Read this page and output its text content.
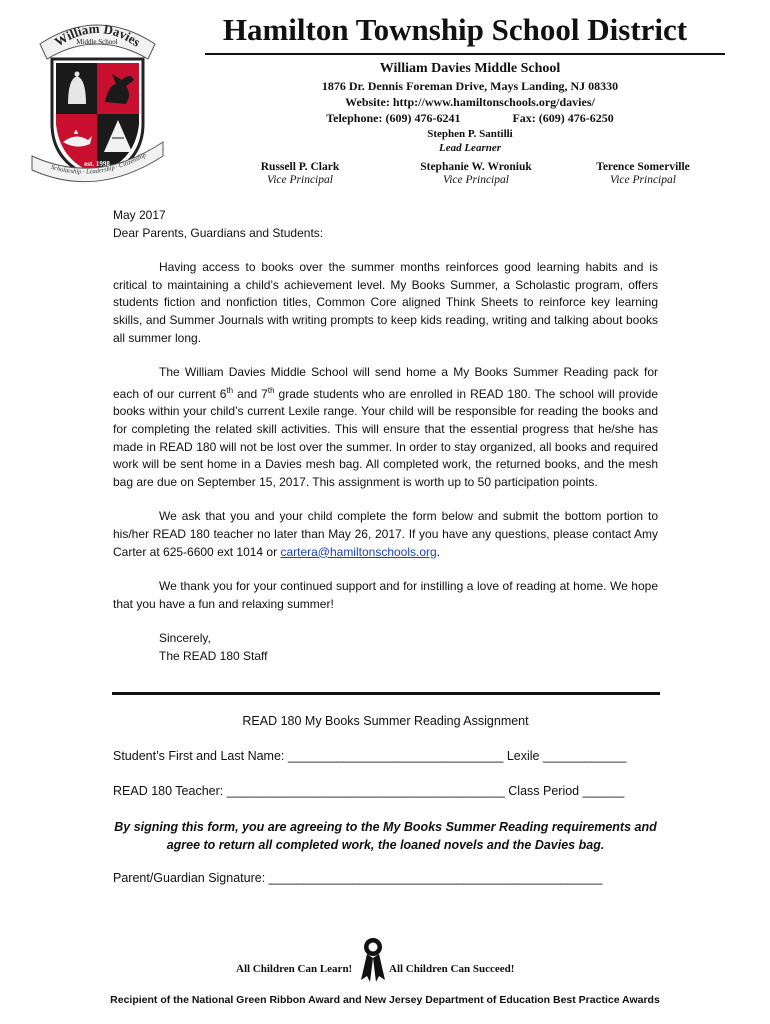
William Davies
Middle School
Scholarship · Leadership · Citizenship
est. 1998
Hamilton Township School District
William Davies Middle School
1876 Dr. Dennis Foreman Drive, Mays Landing, NJ 08330
Website: http://www.hamiltonschools.org/davies/
Telephone: (609) 476-6241	Fax: (609) 476-6250
Stephen P. Santilli
Lead Learner
Russell P. Clark
Vice Principal
Stephanie W. Wroniuk
Vice Principal
Terence Somerville
Vice Principal

May 2017

Dear Parents, Guardians and Students:

Having access to books over the summer months reinforces good learning habits and is critical to maintaining a child’s achievement level. My Books Summer, a Scholastic program, offers students fiction and nonfiction titles, Common Core aligned Think Sheets to reinforce key learning skills, and Summer Journals with writing prompts to keep kids reading, writing and talking about books all summer long.

The William Davies Middle School will send home a My Books Summer Reading pack for each of our current 6th and 7th grade students who are enrolled in READ 180. The school will provide books within your child’s current Lexile range. Your child will be responsible for reading the books and for completing the related skill activities. This will ensure that the essential progress that he/she has made in READ 180 will not be lost over the summer. In order to stay organized, all books and required work will be sent home in a Davies mesh bag. All completed work, the returned books, and the mesh bag are due on September 15, 2017. This assignment is worth up to 50 participation points.

We ask that you and your child complete the form below and submit the bottom portion to his/her READ 180 teacher no later than May 26, 2017. If you have any questions, please contact Amy Carter at 625-6600 ext 1014 or cartera@hamiltonschools.org.

We thank you for your continued support and for instilling a love of reading at home. We hope that you have a fun and relaxing summer!

Sincerely,

The READ 180 Staff

READ 180 My Books Summer Reading Assignment
Student’s First and Last Name: _______________________________ Lexile ____________
READ 180 Teacher: ________________________________________ Class Period ______
By signing this form, you are agreeing to the My Books Summer Reading requirements and agree to return all completed work, the loaned novels and the Davies bag.
Parent/Guardian Signature: ________________________________________________
All Children Can Learn!	All Children Can Succeed!
Recipient of the National Green Ribbon Award and New Jersey Department of Education Best Practice Awards
